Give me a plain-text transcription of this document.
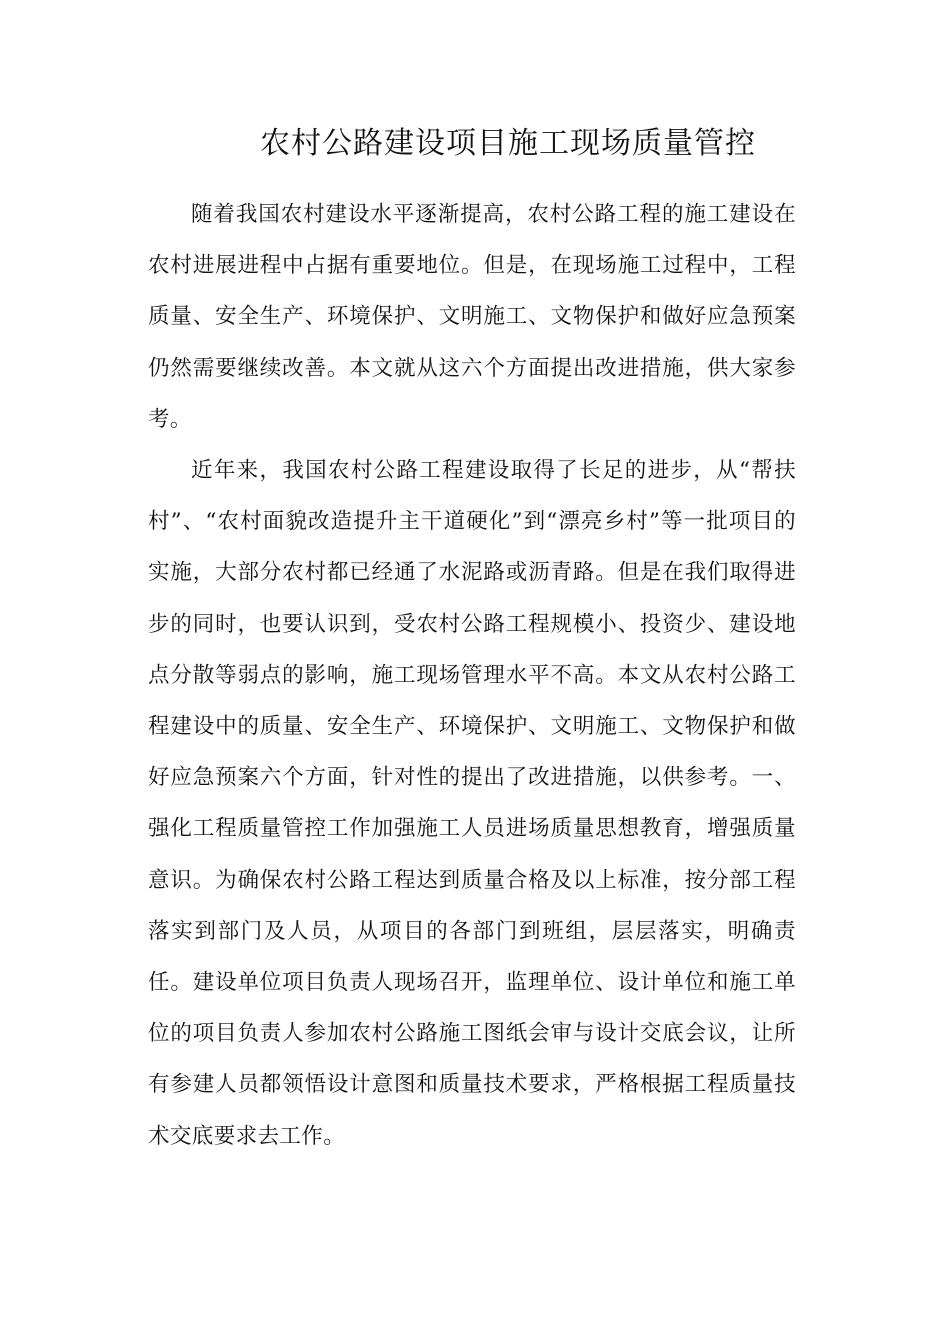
农村公路建设项目施工现场质量管控

随着我国农村建设水平逐渐提高，农村公路工程的施工建设在农村进展进程中占据有重要地位。但是，在现场施工过程中，工程质量、安全生产、环境保护、文明施工、文物保护和做好应急预案仍然需要继续改善。本文就从这六个方面提出改进措施，供大家参考。

近年来，我国农村公路工程建设取得了长足的进步，从“帮扶村”、“农村面貌改造提升主干道硬化”到“漂亮乡村”等一批项目的实施，大部分农村都已经通了水泥路或沥青路。但是在我们取得进步的同时，也要认识到，受农村公路工程规模小、投资少、建设地点分散等弱点的影响，施工现场管理水平不高。本文从农村公路工程建设中的质量、安全生产、环境保护、文明施工、文物保护和做好应急预案六个方面，针对性的提出了改进措施，以供参考。一、强化工程质量管控工作加强施工人员进场质量思想教育，增强质量意识。为确保农村公路工程达到质量合格及以上标准，按分部工程落实到部门及人员，从项目的各部门到班组，层层落实，明确责任。建设单位项目负责人现场召开，监理单位、设计单位和施工单位的项目负责人参加农村公路施工图纸会审与设计交底会议，让所有参建人员都领悟设计意图和质量技术要求，严格根据工程质量技术交底要求去工作。
